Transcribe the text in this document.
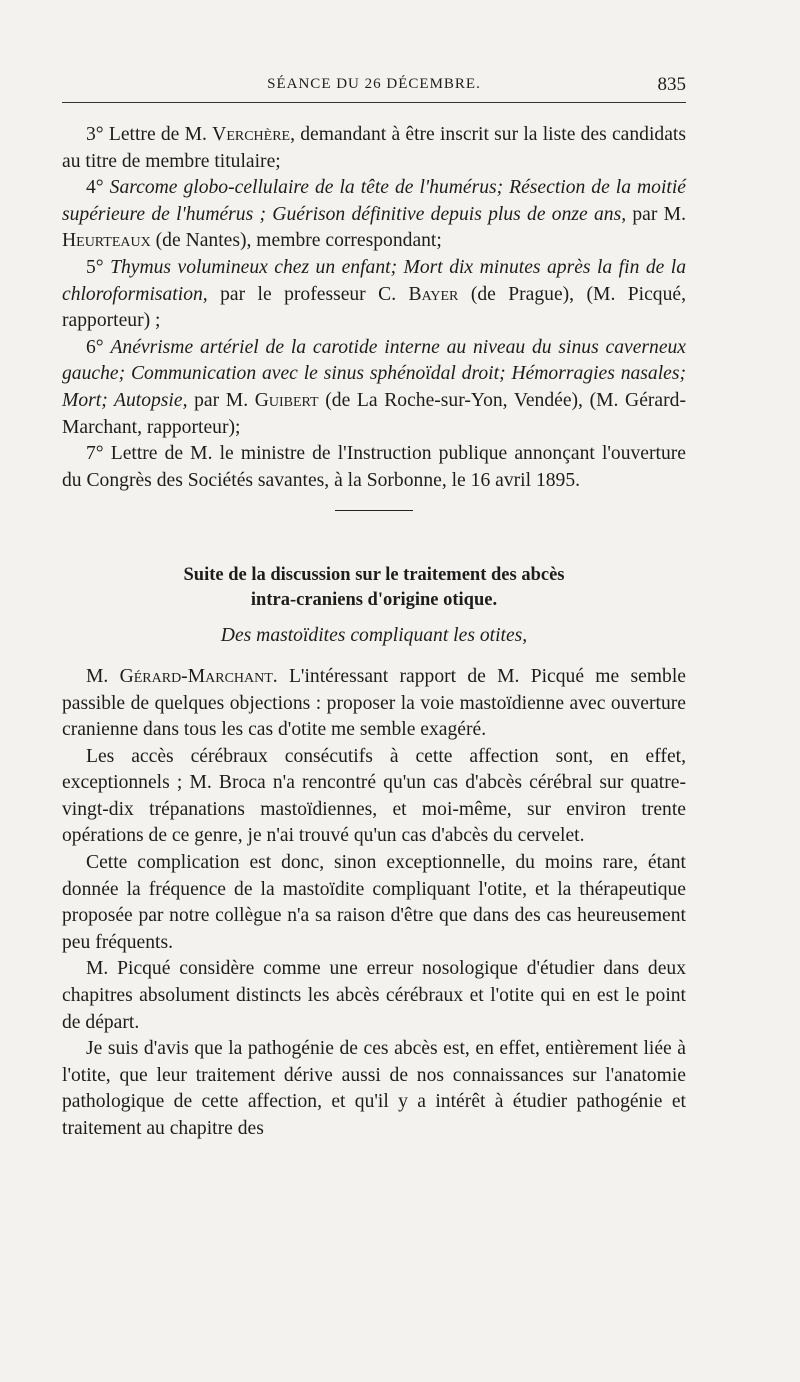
SÉANCE DU 26 DÉCEMBRE.	835

3° Lettre de M. Verchère, demandant à être inscrit sur la liste des candidats au titre de membre titulaire;

4° Sarcome globo-cellulaire de la tête de l'humérus; Résection de la moitié supérieure de l'humérus ; Guérison définitive depuis plus de onze ans, par M. Heurteaux (de Nantes), membre correspondant;

5° Thymus volumineux chez un enfant; Mort dix minutes après la fin de la chloroformisation, par le professeur C. Bayer (de Prague), (M. Picqué, rapporteur) ;

6° Anévrisme artériel de la carotide interne au niveau du sinus caverneux gauche; Communication avec le sinus sphénoïdal droit; Hémorragies nasales; Mort; Autopsie, par M. Guibert (de La Roche-sur-Yon, Vendée), (M. Gérard-Marchant, rapporteur);

7° Lettre de M. le ministre de l'Instruction publique annonçant l'ouverture du Congrès des Sociétés savantes, à la Sorbonne, le 16 avril 1895.

Suite de la discussion sur le traitement des abcès
intra-craniens d'origine otique.
Des mastoïdites compliquant les otites,

M. Gérard-Marchant. L'intéressant rapport de M. Picqué me semble passible de quelques objections : proposer la voie mastoïdienne avec ouverture cranienne dans tous les cas d'otite me semble exagéré.

Les accès cérébraux consécutifs à cette affection sont, en effet, exceptionnels ; M. Broca n'a rencontré qu'un cas d'abcès cérébral sur quatre-vingt-dix trépanations mastoïdiennes, et moi-même, sur environ trente opérations de ce genre, je n'ai trouvé qu'un cas d'abcès du cervelet.

Cette complication est donc, sinon exceptionnelle, du moins rare, étant donnée la fréquence de la mastoïdite compliquant l'otite, et la thérapeutique proposée par notre collègue n'a sa raison d'être que dans des cas heureusement peu fréquents.

M. Picqué considère comme une erreur nosologique d'étudier dans deux chapitres absolument distincts les abcès cérébraux et l'otite qui en est le point de départ.

Je suis d'avis que la pathogénie de ces abcès est, en effet, entièrement liée à l'otite, que leur traitement dérive aussi de nos connaissances sur l'anatomie pathologique de cette affection, et qu'il y a intérêt à étudier pathogénie et traitement au chapitre des
